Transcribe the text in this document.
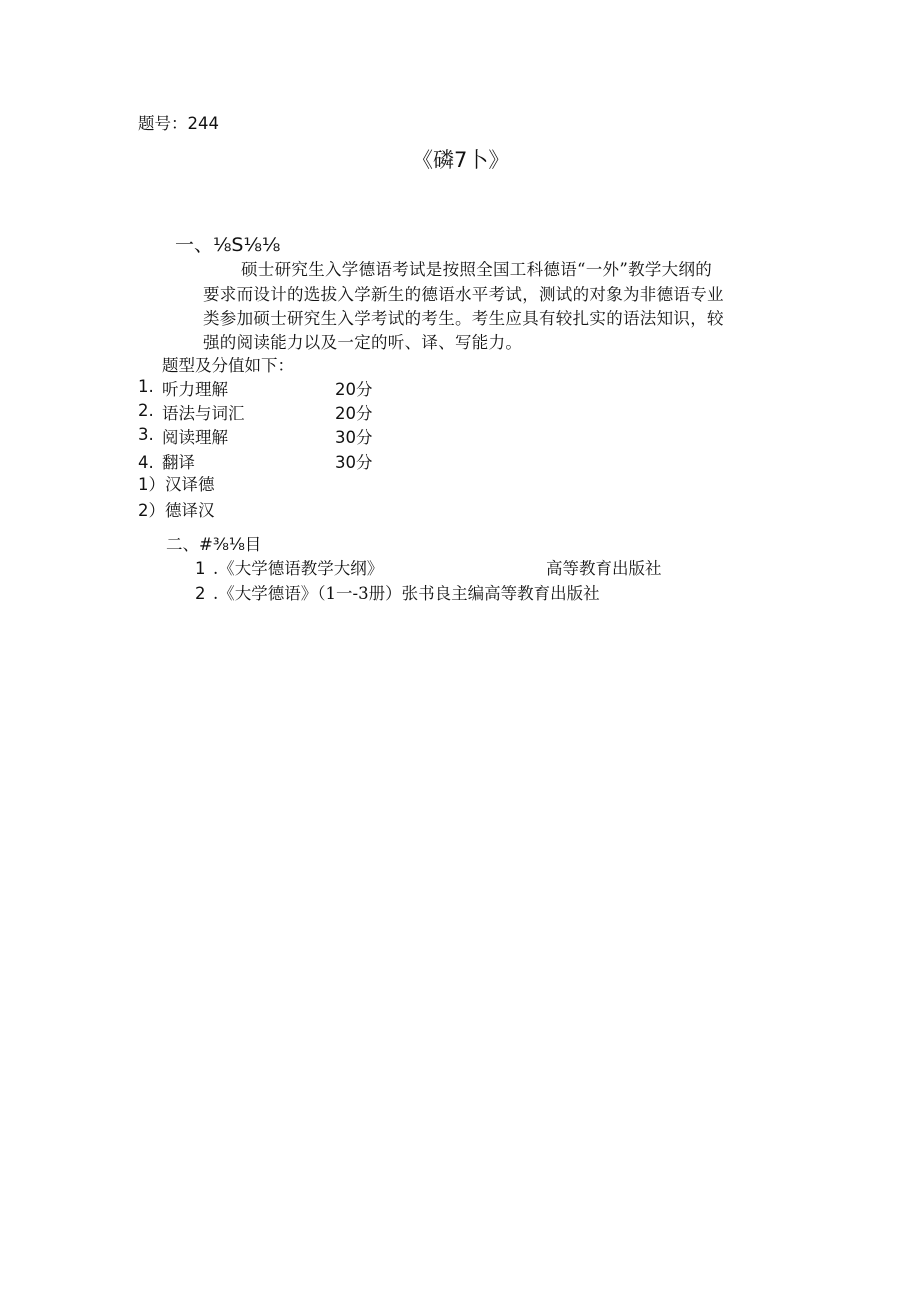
题号：244
《磷7卜》
一、⅛S⅛⅛
硕士研究生入学德语考试是按照全国工科德语“一外”教学大纲的
要求而设计的选拔入学新生的德语水平考试，测试的对象为非德语专业
类参加硕士研究生入学考试的考生。考生应具有较扎实的语法知识，较
强的阅读能力以及一定的听、译、写能力。
题型及分值如下：
1. 听力理解	20分
2. 语法与词汇	20分
3. 阅读理解	30分
4. 翻译	30分
1）汉译德
2）德译汉
二、#⅜⅛目
1 .《大学德语教学大纲》	高等教育出版社
2 .《大学德语》（1一-3册）张书良主编高等教育出版社
